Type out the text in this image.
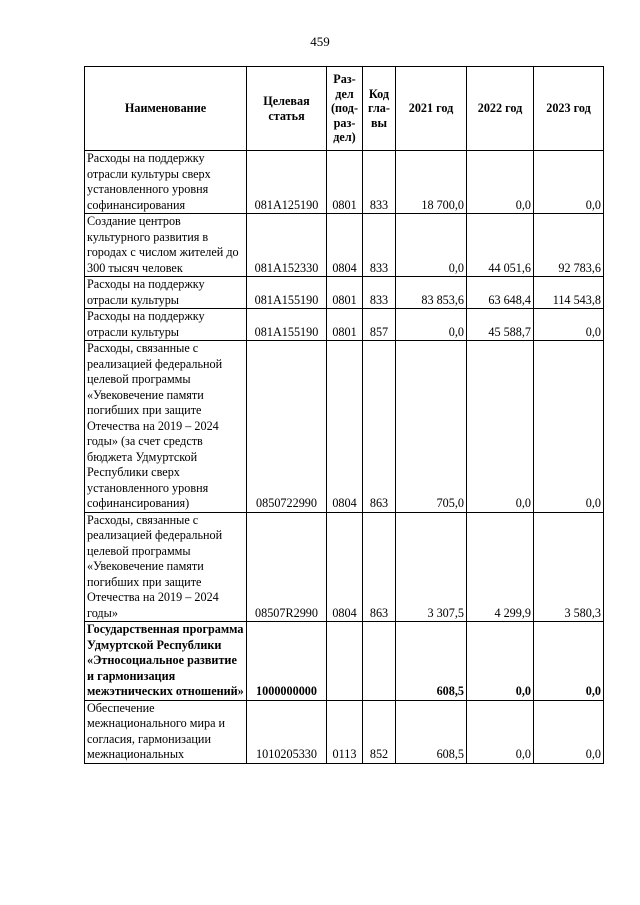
459
Наименование	Целевая статья	Раз-дел (под-раз-дел)	Код гла-вы	2021 год	2022 год	2023 год
Расходы на поддержку отрасли культуры сверх установленного уровня софинансирования	081А125190	0801	833	18 700,0	0,0	0,0
Создание центров культурного развития в городах с числом жителей до 300 тысяч человек	081А152330	0804	833	0,0	44 051,6	92 783,6
Расходы на поддержку отрасли культуры	081А155190	0801	833	83 853,6	63 648,4	114 543,8
Расходы на поддержку отрасли культуры	081А155190	0801	857	0,0	45 588,7	0,0
Расходы, связанные с реализацией федеральной целевой программы «Увековечение памяти погибших при защите Отечества на 2019 – 2024 годы» (за счет средств бюджета Удмуртской Республики сверх установленного уровня софинансирования)	0850722990	0804	863	705,0	0,0	0,0
Расходы, связанные с реализацией федеральной целевой программы «Увековечение памяти погибших при защите Отечества на 2019 – 2024 годы»	08507R2990	0804	863	3 307,5	4 299,9	3 580,3
Государственная программа Удмуртской Республики «Этносоциальное развитие и гармонизация межэтнических отношений»	1000000000			608,5	0,0	0,0
Обеспечение межнационального мира и согласия, гармонизации межнациональных	1010205330	0113	852	608,5	0,0	0,0
